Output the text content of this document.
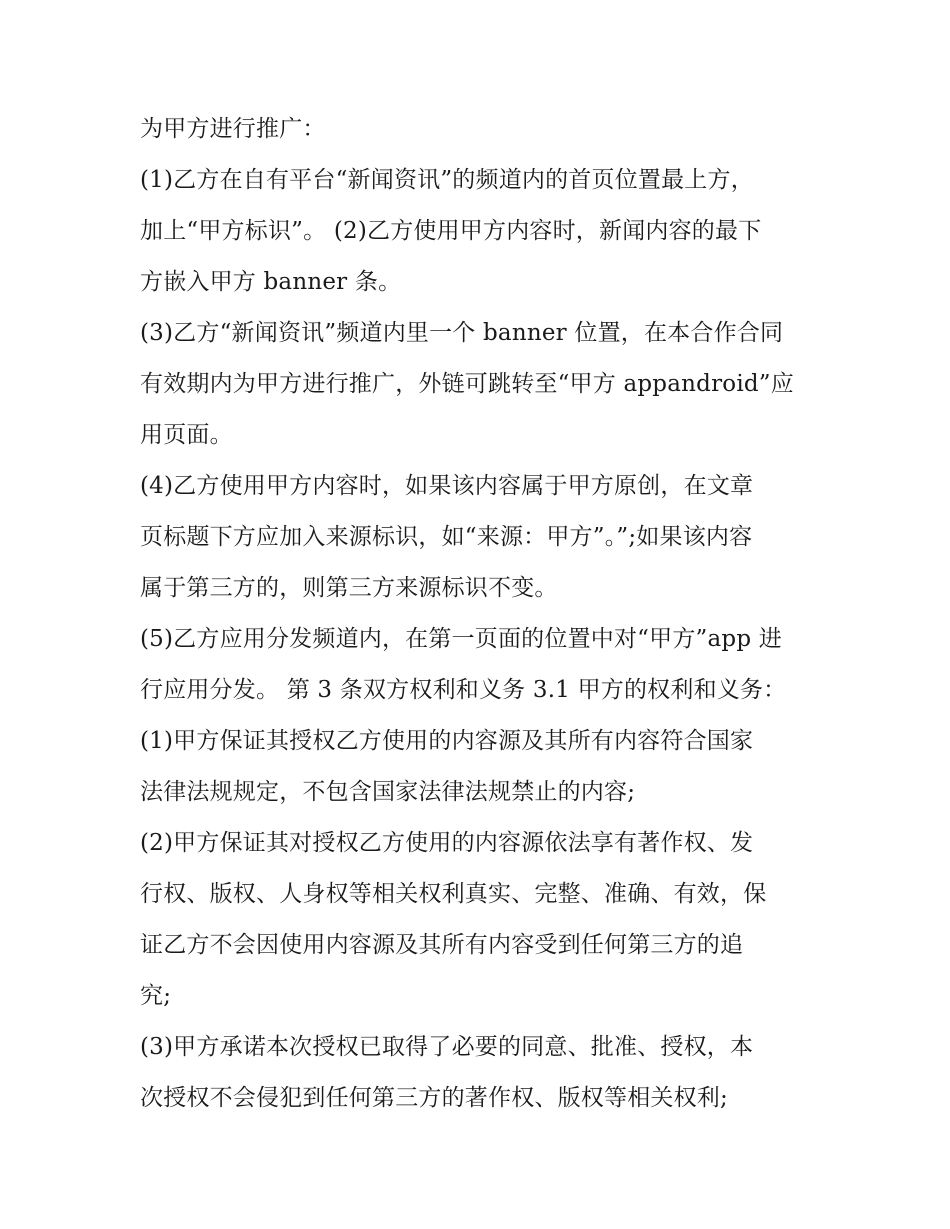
为甲方进行推广：
(1)乙方在自有平台“新闻资讯”的频道内的首页位置最上方，
加上“甲方标识”。 (2)乙方使用甲方内容时，新闻内容的最下
方嵌入甲方 banner 条。
(3)乙方“新闻资讯”频道内里一个 banner 位置，在本合作合同
有效期内为甲方进行推广，外链可跳转至“甲方 appandroid”应
用页面。
(4)乙方使用甲方内容时，如果该内容属于甲方原创，在文章
页标题下方应加入来源标识，如“来源：甲方”。”;如果该内容
属于第三方的，则第三方来源标识不变。
(5)乙方应用分发频道内，在第一页面的位置中对“甲方”app 进
行应用分发。 第 3 条双方权利和义务 3.1 甲方的权利和义务：
(1)甲方保证其授权乙方使用的内容源及其所有内容符合国家
法律法规规定，不包含国家法律法规禁止的内容;
(2)甲方保证其对授权乙方使用的内容源依法享有著作权、发
行权、版权、人身权等相关权利真实、完整、准确、有效，保
证乙方不会因使用内容源及其所有内容受到任何第三方的追
究;
(3)甲方承诺本次授权已取得了必要的同意、批准、授权，本
次授权不会侵犯到任何第三方的著作权、版权等相关权利;
